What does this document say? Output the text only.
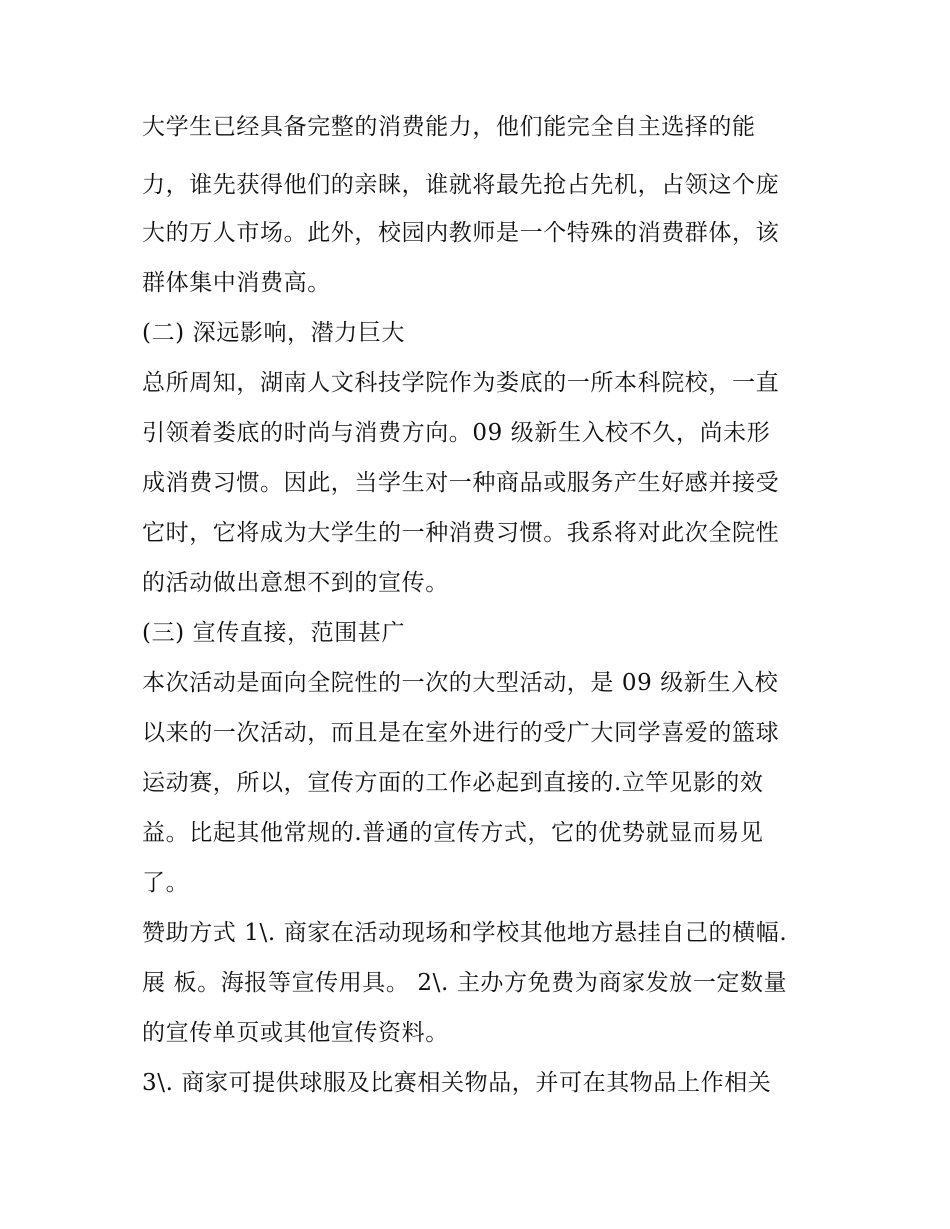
大学生已经具备完整的消费能力，他们能完全自主选择的能
力，谁先获得他们的亲睐，谁就将最先抢占先机，占领这个庞
大的万人市场。此外，校园内教师是一个特殊的消费群体，该
群体集中消费高。
(二) 深远影响，潜力巨大
总所周知，湖南人文科技学院作为娄底的一所本科院校，一直
引领着娄底的时尚与消费方向。09 级新生入校不久，尚未形
成消费习惯。因此，当学生对一种商品或服务产生好感并接受
它时，它将成为大学生的一种消费习惯。我系将对此次全院性
的活动做出意想不到的宣传。
(三) 宣传直接，范围甚广
本次活动是面向全院性的一次的大型活动，是 09 级新生入校
以来的一次活动，而且是在室外进行的受广大同学喜爱的篮球
运动赛，所以，宣传方面的工作必起到直接的.立竿见影的效
益。比起其他常规的.普通的宣传方式，它的优势就显而易见
了。
赞助方式 1\. 商家在活动现场和学校其他地方悬挂自己的横幅.
展 板。海报等宣传用具。 2\. 主办方免费为商家发放一定数量
的宣传单页或其他宣传资料。
3\. 商家可提供球服及比赛相关物品，并可在其物品上作相关
